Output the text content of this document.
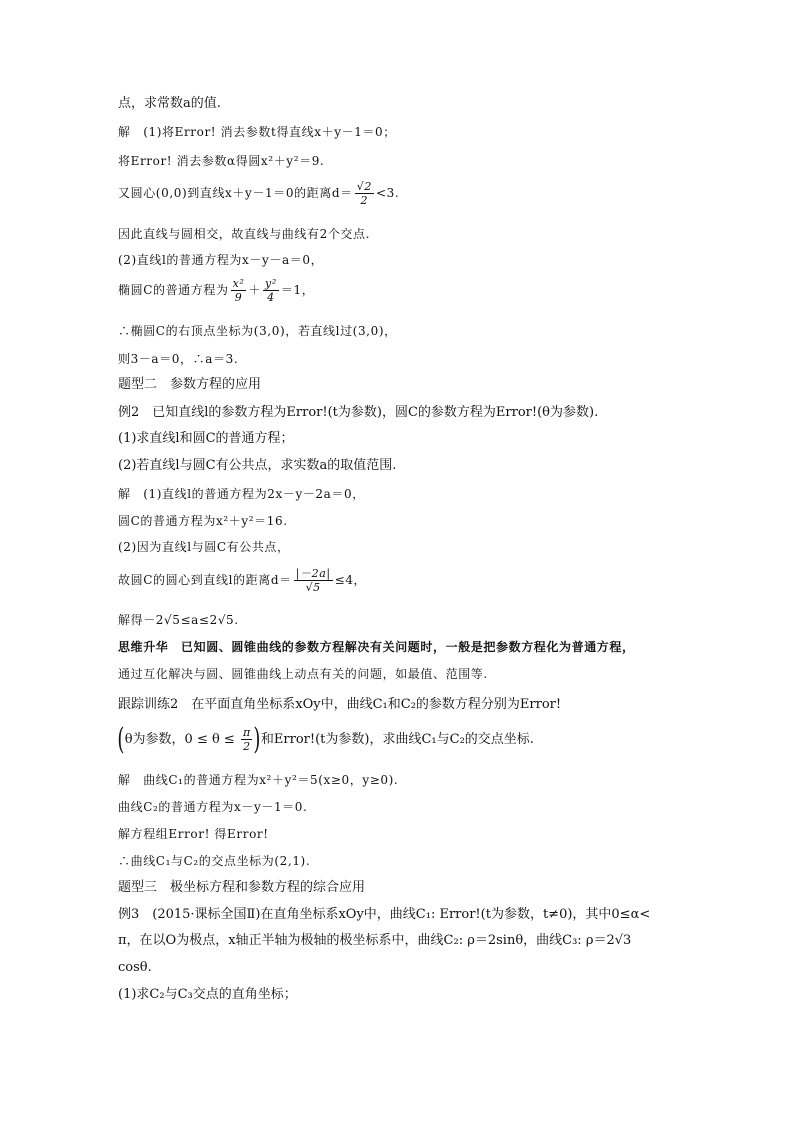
点，求常数a的值.
解　(1)将Error! 消去参数t得直线x＋y－1＝0；
将Error! 消去参数α得圆x²＋y²＝9.
又圆心(0,0)到直线x＋y－1＝0的距离$d= \frac{√2}{2} <3$.
因此直线与圆相交，故直线与曲线有2个交点.
(2)直线l的普通方程为x－y－a＝0，
椭圆C的普通方程为 $\frac{\text{x²}}{9} + \frac{\text{y²}}{4} =1$，
∴椭圆C的右顶点坐标为(3,0)，若直线l过(3,0)，
则3－a＝0，∴a＝3.
题型二　参数方程的应用
例2　已知直线l的参数方程为Error!(t为参数)，圆C的参数方程为Error!(θ为参数).
(1)求直线l和圆C的普通方程；
(2)若直线l与圆C有公共点，求实数a的取值范围.
解　(1)直线l的普通方程为2x－y－2a＝0，
圆C的普通方程为x²＋y²＝16.
(2)因为直线l与圆C有公共点，
故圆C的圆心到直线l的距离$d= \frac{|-2a|}{√5} \le 4$，
解得－2√5≤a≤2√5.
思维升华　已知圆、圆锥曲线的参数方程解决有关问题时，一般是把参数方程化为普通方程，
通过互化解决与圆、圆锥曲线上动点有关的问题，如最值、范围等.
跟踪训练2　在平面直角坐标系xOy中，曲线C₁和C₂的参数方程分别为Error!
(θ为参数，$0 \le \theta \le \frac{\pi}{2}$ )和Error!(t为参数)，求曲线C₁与C₂的交点坐标.
解　曲线C₁的普通方程为x²＋y²＝5(x≥0，y≥0).
曲线C₂的普通方程为x－y－1＝0.
解方程组Error! 得Error!
∴曲线C₁与C₂的交点坐标为(2,1).
题型三　极坐标方程和参数方程的综合应用
例3　(2015·课标全国Ⅱ)在直角坐标系xOy中，曲线C₁: Error!(t为参数，t≠0)，其中0≤α<
π，在以O为极点，x轴正半轴为极轴的极坐标系中，曲线C₂: ρ＝2sinθ，曲线C₃: ρ＝2√3
cosθ.
(1)求C₂与C₃交点的直角坐标；
